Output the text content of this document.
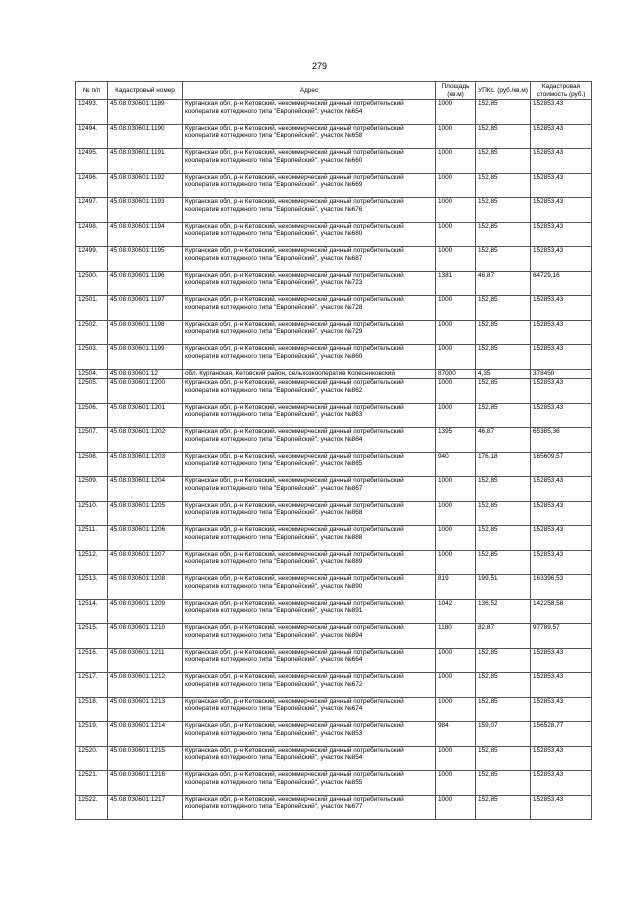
279
№ п/п	Кадастровый номер	Адрес	Площадь (кв.м)	УПКс. (руб./кв.м)	Кадастровая стоимость (руб.)
12493.	45:08:030601:1189	Курганская обл, р-н Кетовский, некоммерческий дачный потребительский кооператив коттеджного типа "Европейский", участок №654	1000	152,85	152853,43
12494.	45:08:030601:1190	Курганская обл, р-н Кетовский, некоммерческий дачный потребительский кооператив коттеджного типа "Европейский", участок №658	1000	152,85	152853,43
12495.	45:08:030601:1191	Курганская обл, р-н Кетовский, некоммерческий дачный потребительский кооператив коттеджного типа "Европейский", участок №660	1000	152,85	152853,43
12496.	45:08:030601:1192	Курганская обл, р-н Кетовский, некоммерческий дачный потребительский кооператив коттеджного типа "Европейский", участок №669	1000	152,85	152853,43
12497.	45:08:030601:1193	Курганская обл, р-н Кетовский, некоммерческий дачный потребительский кооператив коттеджного типа "Европейский", участок №676	1000	152,85	152853,43
12498.	45:08:030601:1194	Курганская обл, р-н Кетовский, некоммерческий дачный потребительский кооператив коттеджного типа "Европейский", участок №680	1000	152,85	152853,43
12499.	45:08:030601:1195	Курганская обл, р-н Кетовский, некоммерческий дачный потребительский кооператив коттеджного типа "Европейский", участок №687	1000	152,85	152853,43
12500.	45:08:030601:1196	Курганская обл, р-н Кетовский, некоммерческий дачный потребительский кооператив коттеджного типа "Европейский", участок №723	1381	46,87	64729,16
12501.	45:08:030601:1197	Курганская обл, р-н Кетовский, некоммерческий дачный потребительский кооператив коттеджного типа "Европейский", участок №728	1000	152,85	152853,43
12502.	45:08:030601:1198	Курганская обл, р-н Кетовский, некоммерческий дачный потребительский кооператив коттеджного типа "Европейский", участок №729	1000	152,85	152853,43
12503.	45:08:030601:1199	Курганская обл, р-н Кетовский, некоммерческий дачный потребительский кооператив коттеджного типа "Европейский", участок №860	1000	152,85	152853,43
12504.	45:08:030601:12	обл. Курганская, Кетовский район, сельхозкооператив Колесниковский	87000	4,35	378450
12505.	45:08:030601:1200	Курганская обл, р-н Кетовский, некоммерческий дачный потребительский кооператив коттеджного типа "Европейский", участок №862	1000	152,85	152853,43
12506.	45:08:030601:1201	Курганская обл, р-н Кетовский, некоммерческий дачный потребительский кооператив коттеджного типа "Европейский", участок №863	1000	152,85	152853,43
12507.	45:08:030601:1202	Курганская обл, р-н Кетовский, некоммерческий дачный потребительский кооператив коттеджного типа "Европейский", участок №864	1395	46,87	65385,36
12508.	45:08:030601:1203	Курганская обл, р-н Кетовский, некоммерческий дачный потребительский кооператив коттеджного типа "Европейский", участок №865	940	176,18	165609,57
12509.	45:08:030601:1204	Курганская обл, р-н Кетовский, некоммерческий дачный потребительский кооператив коттеджного типа "Европейский", участок №867	1000	152,85	152853,43
12510.	45:08:030601:1205	Курганская обл, р-н Кетовский, некоммерческий дачный потребительский кооператив коттеджного типа "Европейский", участок №868	1000	152,85	152853,43
12511.	45:08:030601:1206	Курганская обл, р-н Кетовский, некоммерческий дачный потребительский кооператив коттеджного типа "Европейский", участок №888	1000	152,85	152853,43
12512.	45:08:030601:1207	Курганская обл, р-н Кетовский, некоммерческий дачный потребительский кооператив коттеджного типа "Европейский", участок №889	1000	152,85	152853,43
12513.	45:08:030601:1208	Курганская обл, р-н Кетовский, некоммерческий дачный потребительский кооператив коттеджного типа "Европейский", участок №890	819	199,51	163396,53
12514.	45:08:030601:1209	Курганская обл, р-н Кетовский, некоммерческий дачный потребительский кооператив коттеджного типа "Европейский", участок №891	1042	136,52	142258,58
12515.	45:08:030601:1210	Курганская обл, р-н Кетовский, некоммерческий дачный потребительский кооператив коттеджного типа "Европейский", участок №894	1180	82,87	97789,57
12516.	45:08:030601:1211	Курганская обл, р-н Кетовский, некоммерческий дачный потребительский кооператив коттеджного типа "Европейский", участок №664	1000	152,85	152853,43
12517.	45:08:030601:1212	Курганская обл, р-н Кетовский, некоммерческий дачный потребительский кооператив коттеджного типа "Европейский", участок №672	1000	152,85	152853,43
12518.	45:08:030601:1213	Курганская обл, р-н Кетовский, некоммерческий дачный потребительский кооператив коттеджного типа "Европейский", участок №674	1000	152,85	152853,43
12519.	45:08:030601:1214	Курганская обл, р-н Кетовский, некоммерческий дачный потребительский кооператив коттеджного типа "Европейский", участок №853	984	159,07	156528,77
12520.	45:08:030601:1215	Курганская обл, р-н Кетовский, некоммерческий дачный потребительский кооператив коттеджного типа "Европейский", участок №854	1000	152,85	152853,43
12521.	45:08:030601:1216	Курганская обл, р-н Кетовский, некоммерческий дачный потребительский кооператив коттеджного типа "Европейский", участок №855	1000	152,85	152853,43
12522.	45:08:030601:1217	Курганская обл, р-н Кетовский, некоммерческий дачный потребительский кооператив коттеджного типа "Европейский", участок №677	1000	152,85	152853,43
